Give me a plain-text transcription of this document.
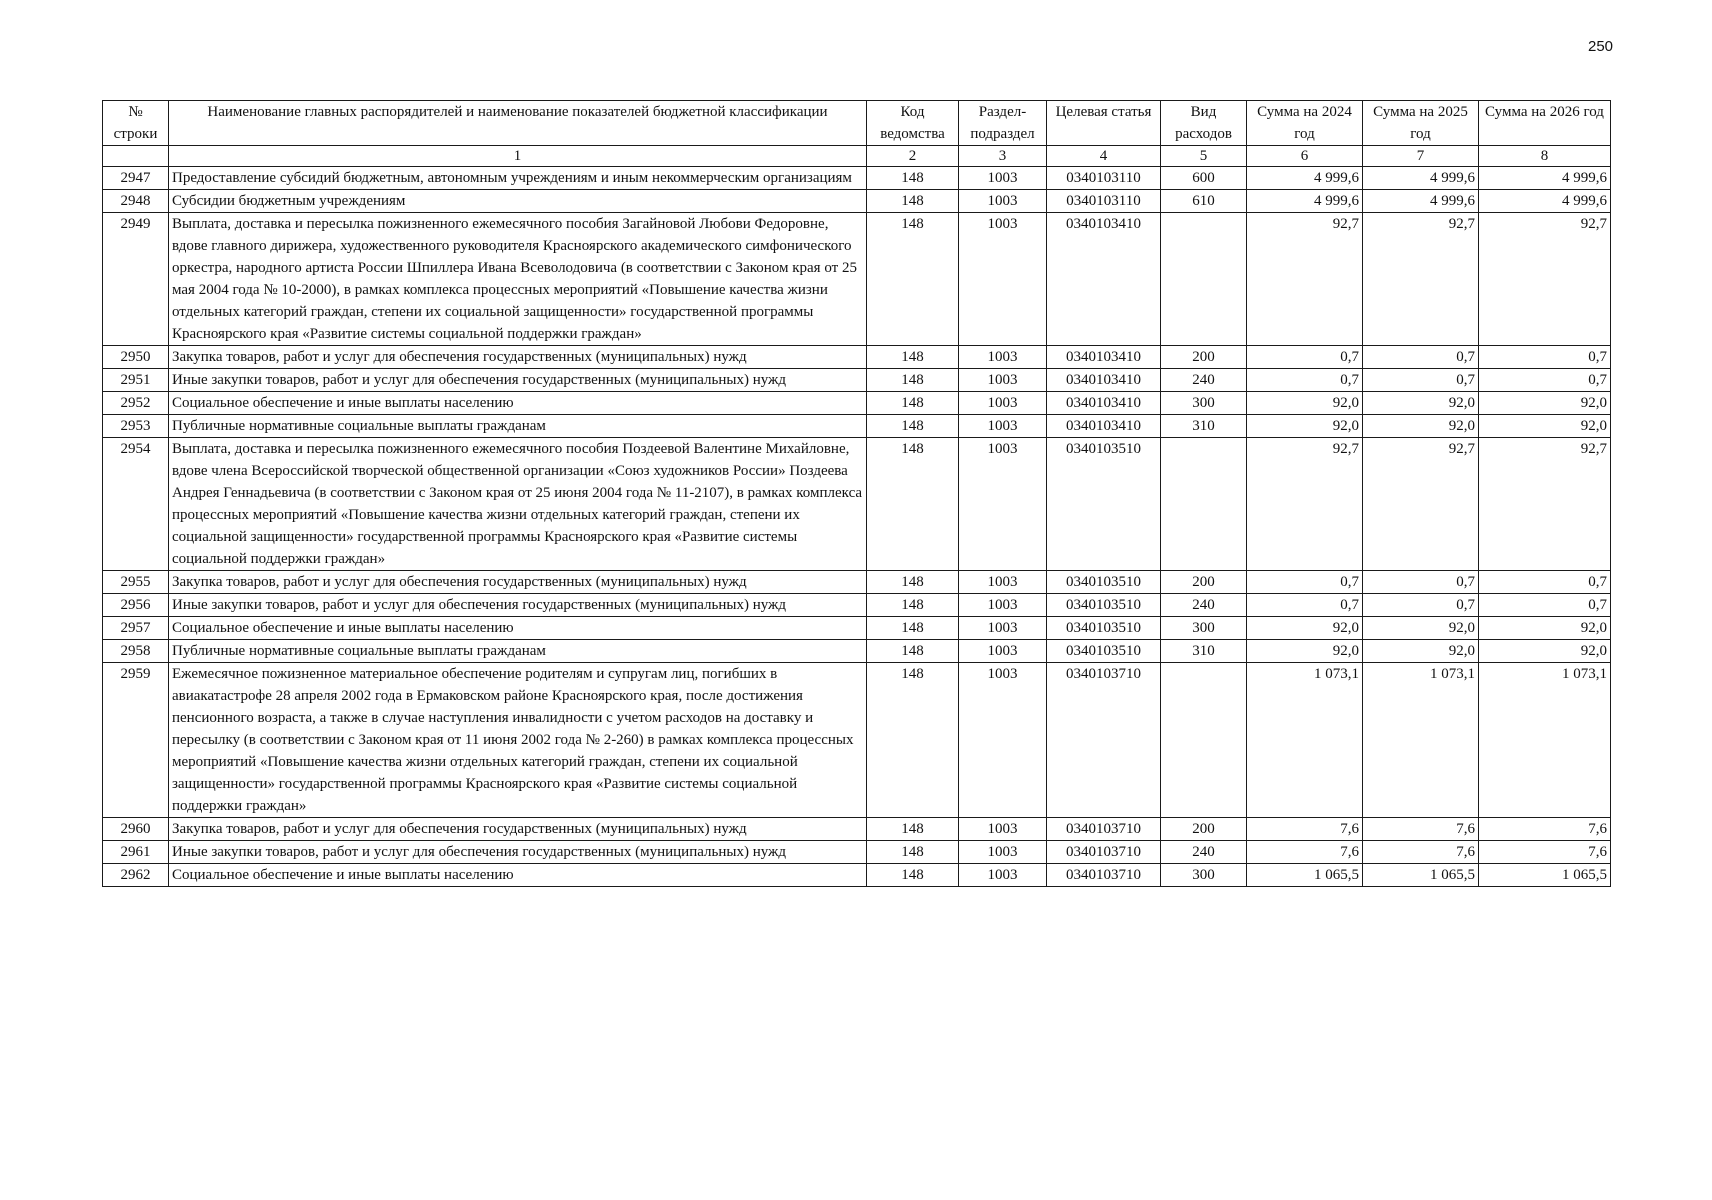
250
№ строки	Наименование главных распорядителей и наименование показателей бюджетной классификации	Код ведомства	Раздел-подраздел	Целевая статья	Вид расходов	Сумма на 2024 год	Сумма на 2025 год	Сумма на 2026 год
	1	2	3	4	5	6	7	8
2947	Предоставление субсидий бюджетным, автономным учреждениям и иным некоммерческим организациям	148	1003	0340103110	600	4 999,6	4 999,6	4 999,6
2948	Субсидии бюджетным учреждениям	148	1003	0340103110	610	4 999,6	4 999,6	4 999,6
2949	Выплата, доставка и пересылка пожизненного ежемесячного пособия Загайновой Любови Федоровне, вдове главного дирижера, художественного руководителя Красноярского академического симфонического оркестра, народного артиста России Шпиллера Ивана Всеволодовича (в соответствии с Законом края от 25 мая 2004 года № 10-2000), в рамках комплекса процессных мероприятий «Повышение качества жизни отдельных категорий граждан, степени их социальной защищенности» государственной программы Красноярского края «Развитие системы социальной поддержки граждан»	148	1003	0340103410		92,7	92,7	92,7
2950	Закупка товаров, работ и услуг для обеспечения государственных (муниципальных) нужд	148	1003	0340103410	200	0,7	0,7	0,7
2951	Иные закупки товаров, работ и услуг для обеспечения государственных (муниципальных) нужд	148	1003	0340103410	240	0,7	0,7	0,7
2952	Социальное обеспечение и иные выплаты населению	148	1003	0340103410	300	92,0	92,0	92,0
2953	Публичные нормативные социальные выплаты гражданам	148	1003	0340103410	310	92,0	92,0	92,0
2954	Выплата, доставка и пересылка пожизненного ежемесячного пособия Поздеевой Валентине Михайловне, вдове члена Всероссийской творческой общественной организации «Союз художников России» Поздеева Андрея Геннадьевича (в соответствии с Законом края от 25 июня 2004 года № 11-2107), в рамках комплекса процессных мероприятий «Повышение качества жизни отдельных категорий граждан, степени их социальной защищенности» государственной программы Красноярского края «Развитие системы социальной поддержки граждан»	148	1003	0340103510		92,7	92,7	92,7
2955	Закупка товаров, работ и услуг для обеспечения государственных (муниципальных) нужд	148	1003	0340103510	200	0,7	0,7	0,7
2956	Иные закупки товаров, работ и услуг для обеспечения государственных (муниципальных) нужд	148	1003	0340103510	240	0,7	0,7	0,7
2957	Социальное обеспечение и иные выплаты населению	148	1003	0340103510	300	92,0	92,0	92,0
2958	Публичные нормативные социальные выплаты гражданам	148	1003	0340103510	310	92,0	92,0	92,0
2959	Ежемесячное пожизненное материальное обеспечение родителям и супругам лиц, погибших в авиакатастрофе 28 апреля 2002 года в Ермаковском районе Красноярского края, после достижения пенсионного возраста, а также в случае наступления инвалидности с учетом расходов на доставку и пересылку (в соответствии с Законом края от 11 июня 2002 года № 2-260) в рамках комплекса процессных мероприятий «Повышение качества жизни отдельных категорий граждан, степени их социальной защищенности» государственной программы Красноярского края «Развитие системы социальной поддержки граждан»	148	1003	0340103710		1 073,1	1 073,1	1 073,1
2960	Закупка товаров, работ и услуг для обеспечения государственных (муниципальных) нужд	148	1003	0340103710	200	7,6	7,6	7,6
2961	Иные закупки товаров, работ и услуг для обеспечения государственных (муниципальных) нужд	148	1003	0340103710	240	7,6	7,6	7,6
2962	Социальное обеспечение и иные выплаты населению	148	1003	0340103710	300	1 065,5	1 065,5	1 065,5
